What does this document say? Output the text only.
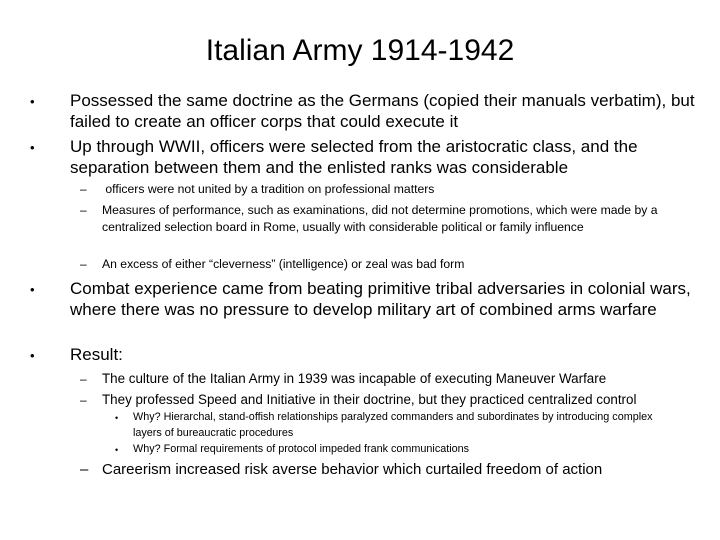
Italian Army 1914-1942
• Possessed the same doctrine as the Germans (copied their manuals verbatim), but failed to create an officer corps that could execute it
• Up through WWII, officers were selected from the aristocratic class, and the separation between them and the enlisted ranks was considerable
– officers were not united by a tradition on professional matters
– Measures of performance, such as examinations, did not determine promotions, which were made by a centralized selection board in Rome, usually with considerable political or family influence
– An excess of either “cleverness” (intelligence) or zeal was bad form
• Combat experience came from beating primitive tribal adversaries in colonial wars, where there was no pressure to develop military art of combined arms warfare
• Result:
– The culture of the Italian Army in 1939 was incapable of executing Maneuver Warfare
– They professed Speed and Initiative in their doctrine, but they practiced centralized control
• Why? Hierarchal, stand-offish relationships paralyzed commanders and subordinates by introducing complex layers of bureaucratic procedures
• Why? Formal requirements of protocol impeded frank communications
– Careerism increased risk averse behavior which curtailed freedom of action
